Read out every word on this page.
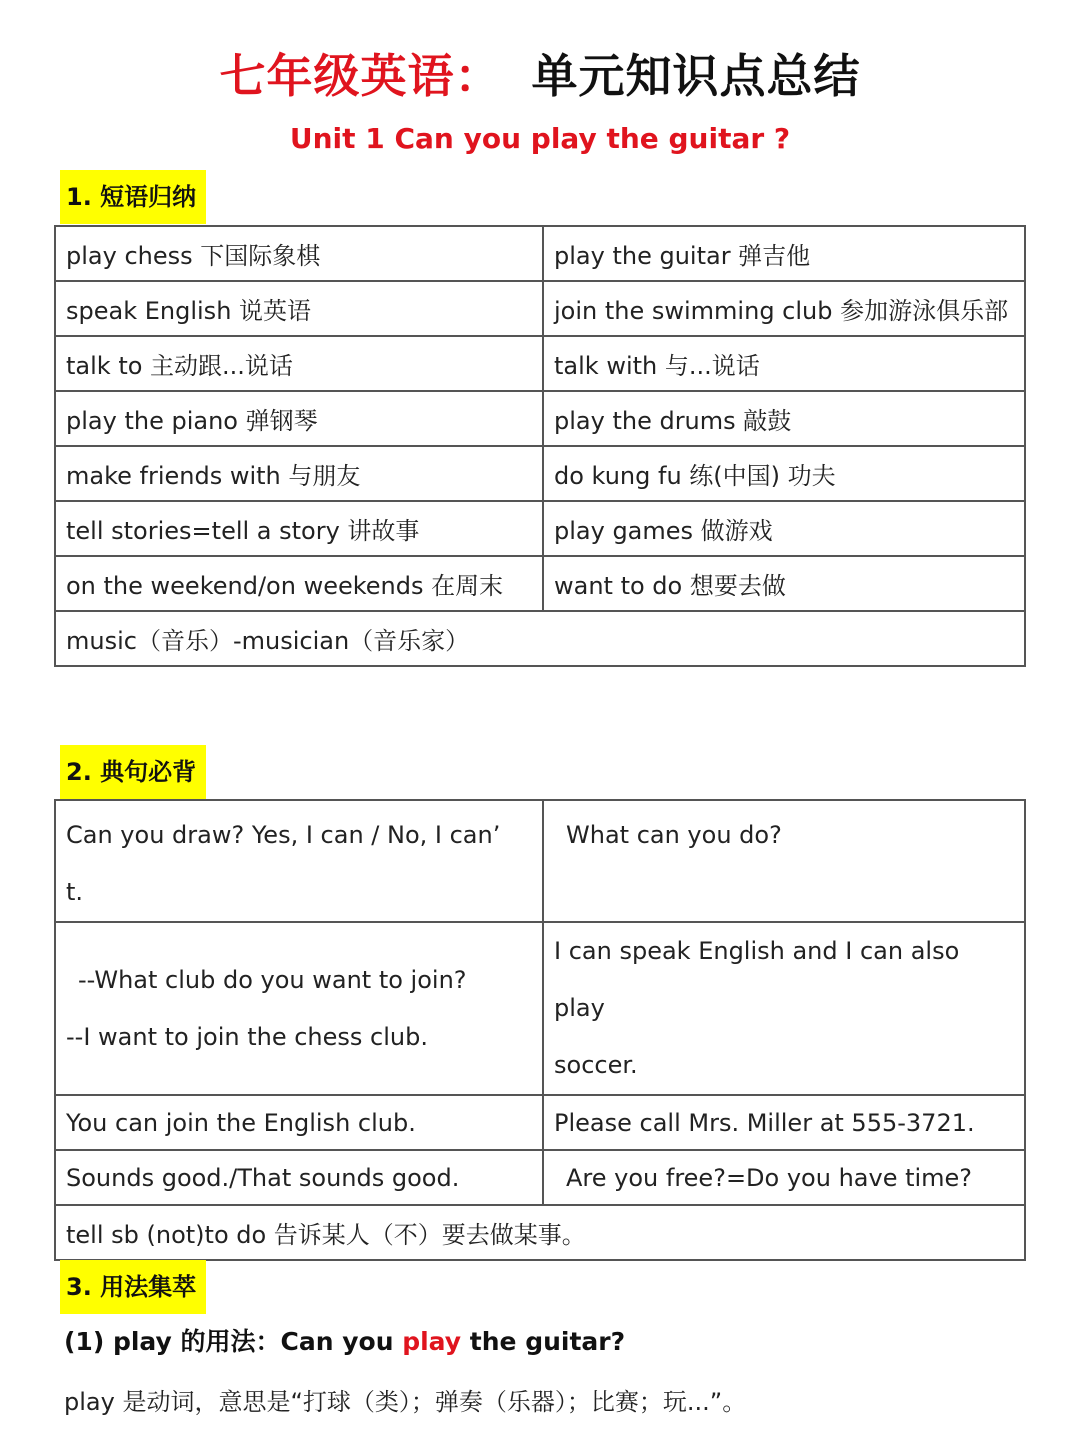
七年级英语： 单元知识点总结
Unit 1 Can you play the guitar ?
1. 短语归纳
play chess 下国际象棋	play the guitar 弹吉他
speak English 说英语	join the swimming club 参加游泳俱乐部
talk to 主动跟...说话	talk with 与...说话
play the piano 弹钢琴	play the drums 敲鼓
make friends with 与朋友	do kung fu 练(中国) 功夫
tell stories=tell a story 讲故事	play games 做游戏
on the weekend/on weekends 在周末	want to do 想要去做
music（音乐）-musician（音乐家）	
2. 典句必背
Can you draw? Yes, I can / No, I can’
t.	What can you do?

--What club do you want to join?
--I want to join the chess club.	I can speak English and I can also play
soccer.

You can join the English club.	Please call Mrs. Miller at 555-3721.
Sounds good./That sounds good.	Are you free?=Do you have time?
tell sb (not)to do 告诉某人（不）要去做某事。	
3. 用法集萃
(1) play 的用法：Can you play the guitar?
play 是动词，意思是“打球（类）；弹奏（乐器）；比赛；玩...”。
